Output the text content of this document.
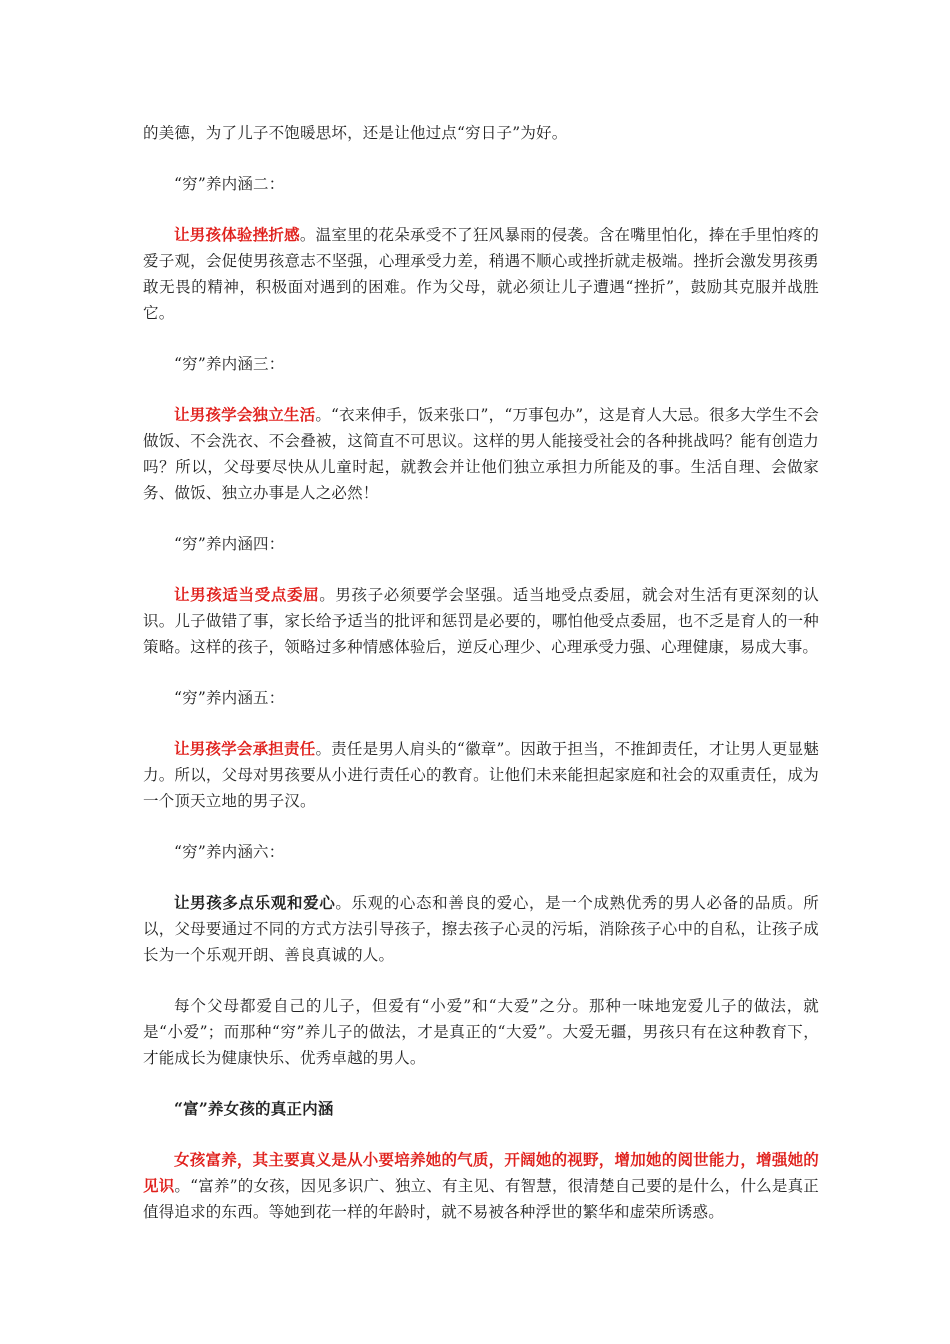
的美德，为了儿子不饱暖思坏，还是让他过点“穷日子”为好。

“穷”养内涵二：

让男孩体验挫折感。温室里的花朵承受不了狂风暴雨的侵袭。含在嘴里怕化，捧在手里怕疼的爱子观，会促使男孩意志不坚强，心理承受力差，稍遇不顺心或挫折就走极端。挫折会激发男孩勇敢无畏的精神，积极面对遇到的困难。作为父母，就必须让儿子遭遇“挫折”，鼓励其克服并战胜它。

“穷”养内涵三：

让男孩学会独立生活。“衣来伸手，饭来张口”，“万事包办”，这是育人大忌。很多大学生不会做饭、不会洗衣、不会叠被，这简直不可思议。这样的男人能接受社会的各种挑战吗？能有创造力吗？所以，父母要尽快从儿童时起，就教会并让他们独立承担力所能及的事。生活自理、会做家务、做饭、独立办事是人之必然！

“穷”养内涵四：

让男孩适当受点委屈。男孩子必须要学会坚强。适当地受点委屈，就会对生活有更深刻的认识。儿子做错了事，家长给予适当的批评和惩罚是必要的，哪怕他受点委屈，也不乏是育人的一种策略。这样的孩子，领略过多种情感体验后，逆反心理少、心理承受力强、心理健康，易成大事。

“穷”养内涵五：

让男孩学会承担责任。责任是男人肩头的“徽章”。因敢于担当，不推卸责任，才让男人更显魅力。所以，父母对男孩要从小进行责任心的教育。让他们未来能担起家庭和社会的双重责任，成为一个顶天立地的男子汉。

“穷”养内涵六：

让男孩多点乐观和爱心。乐观的心态和善良的爱心，是一个成熟优秀的男人必备的品质。所以，父母要通过不同的方式方法引导孩子，擦去孩子心灵的污垢，消除孩子心中的自私，让孩子成长为一个乐观开朗、善良真诚的人。

每个父母都爱自己的儿子，但爱有“小爱”和“大爱”之分。那种一味地宠爱儿子的做法，就是“小爱”；而那种“穷”养儿子的做法，才是真正的“大爱”。大爱无疆，男孩只有在这种教育下，才能成长为健康快乐、优秀卓越的男人。

“富”养女孩的真正内涵

女孩富养，其主要真义是从小要培养她的气质，开阔她的视野，增加她的阅世能力，增强她的见识。“富养”的女孩，因见多识广、独立、有主见、有智慧，很清楚自己要的是什么，什么是真正值得追求的东西。等她到花一样的年龄时，就不易被各种浮世的繁华和虚荣所诱惑。
